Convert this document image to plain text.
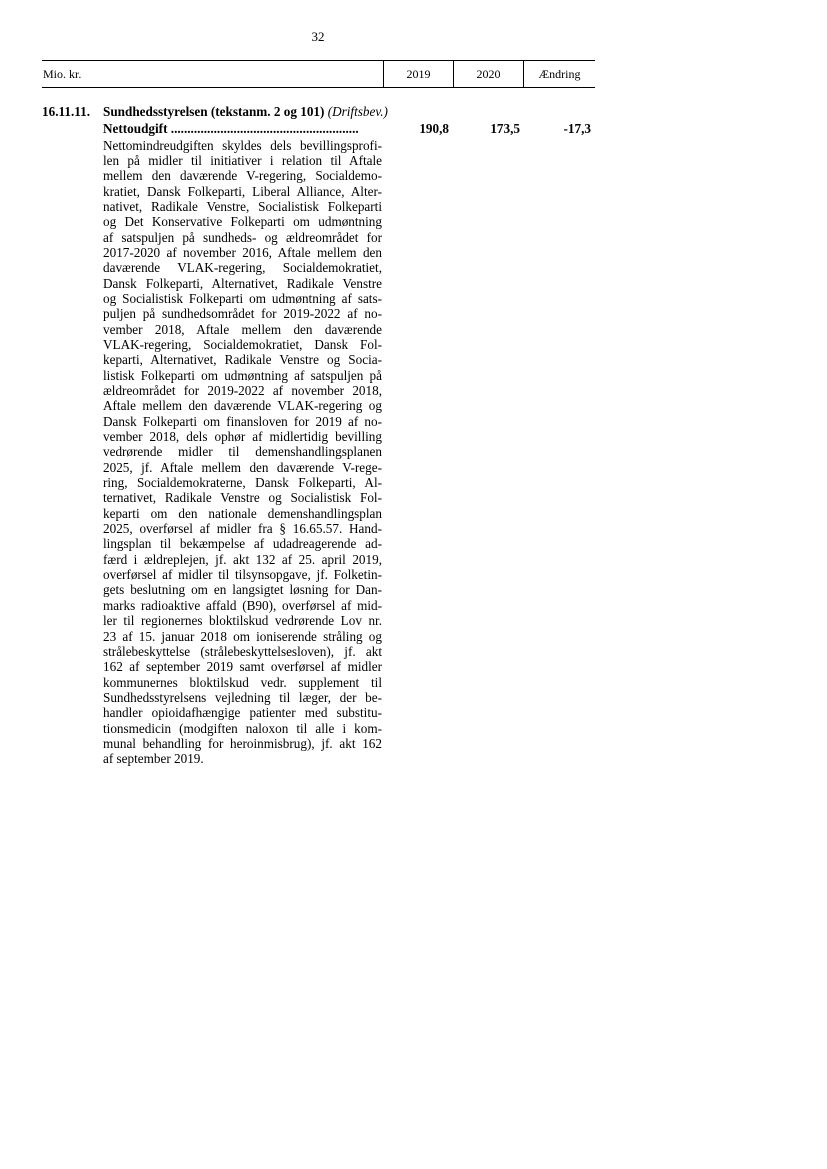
32
Mio. kr.	2019	2020	Ændring
16.11.11. Sundhedsstyrelsen (tekstanm. 2 og 101) (Driftsbev.)
Nettoudgift .........................................................	190,8	173,5	-17,3
Nettomindreudgiften skyldes dels bevillingsprofi-
len på midler til initiativer i relation til Aftale
mellem den daværende V-regering, Socialdemo-
kratiet, Dansk Folkeparti, Liberal Alliance, Alter-
nativet, Radikale Venstre, Socialistisk Folkeparti
og Det Konservative Folkeparti om udmøntning
af satspuljen på sundheds- og ældreområdet for
2017-2020 af november 2016, Aftale mellem den
daværende VLAK-regering, Socialdemokratiet,
Dansk Folkeparti, Alternativet, Radikale Venstre
og Socialistisk Folkeparti om udmøntning af sats-
puljen på sundhedsområdet for 2019-2022 af no-
vember 2018, Aftale mellem den daværende
VLAK-regering, Socialdemokratiet, Dansk Fol-
keparti, Alternativet, Radikale Venstre og Socia-
listisk Folkeparti om udmøntning af satspuljen på
ældreområdet for 2019-2022 af november 2018,
Aftale mellem den daværende VLAK-regering og
Dansk Folkeparti om finansloven for 2019 af no-
vember 2018, dels ophør af midlertidig bevilling
vedrørende midler til demenshandlingsplanen
2025, jf. Aftale mellem den daværende V-rege-
ring, Socialdemokraterne, Dansk Folkeparti, Al-
ternativet, Radikale Venstre og Socialistisk Fol-
keparti om den nationale demenshandlingsplan
2025, overførsel af midler fra § 16.65.57. Hand-
lingsplan til bekæmpelse af udadreagerende ad-
færd i ældreplejen, jf. akt 132 af 25. april 2019,
overførsel af midler til tilsynsopgave, jf. Folketin-
gets beslutning om en langsigtet løsning for Dan-
marks radioaktive affald (B90), overførsel af mid-
ler til regionernes bloktilskud vedrørende Lov nr.
23 af 15. januar 2018 om ioniserende stråling og
strålebeskyttelse (strålebeskyttelsesloven), jf. akt
162 af september 2019 samt overførsel af midler
kommunernes bloktilskud vedr. supplement til
Sundhedsstyrelsens vejledning til læger, der be-
handler opioidafhængige patienter med substitu-
tionsmedicin (modgiften naloxon til alle i kom-
munal behandling for heroinmisbrug), jf. akt 162
af september 2019.
